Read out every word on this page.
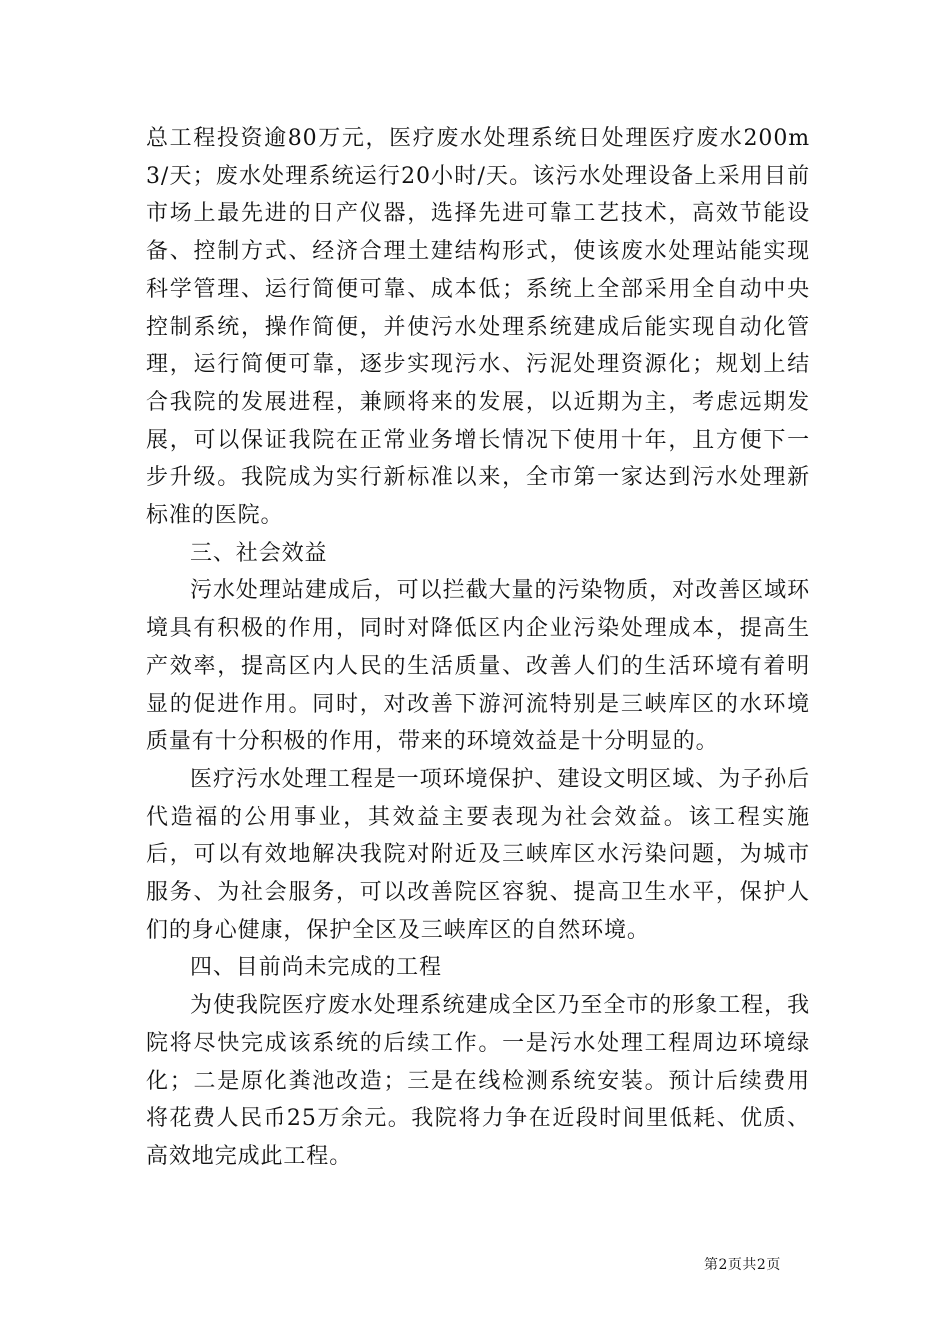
总工程投资逾80万元，医疗废水处理系统日处理医疗废水200m3/天；废水处理系统运行20小时/天。该污水处理设备上采用目前市场上最先进的日产仪器，选择先进可靠工艺技术，高效节能设备、控制方式、经济合理土建结构形式，使该废水处理站能实现科学管理、运行简便可靠、成本低；系统上全部采用全自动中央控制系统，操作简便，并使污水处理系统建成后能实现自动化管理，运行简便可靠，逐步实现污水、污泥处理资源化；规划上结合我院的发展进程，兼顾将来的发展，以近期为主，考虑远期发展，可以保证我院在正常业务增长情况下使用十年，且方便下一步升级。我院成为实行新标准以来，全市第一家达到污水处理新标准的医院。

三、社会效益

污水处理站建成后，可以拦截大量的污染物质，对改善区域环境具有积极的作用，同时对降低区内企业污染处理成本，提高生产效率，提高区内人民的生活质量、改善人们的生活环境有着明显的促进作用。同时，对改善下游河流特别是三峡库区的水环境质量有十分积极的作用，带来的环境效益是十分明显的。

医疗污水处理工程是一项环境保护、建设文明区域、为子孙后代造福的公用事业，其效益主要表现为社会效益。该工程实施后，可以有效地解决我院对附近及三峡库区水污染问题，为城市服务、为社会服务，可以改善院区容貌、提高卫生水平，保护人们的身心健康，保护全区及三峡库区的自然环境。

四、目前尚未完成的工程

为使我院医疗废水处理系统建成全区乃至全市的形象工程，我院将尽快完成该系统的后续工作。一是污水处理工程周边环境绿化；二是原化粪池改造；三是在线检测系统安装。预计后续费用将花费人民币25万余元。我院将力争在近段时间里低耗、优质、高效地完成此工程。

第2页共2页
